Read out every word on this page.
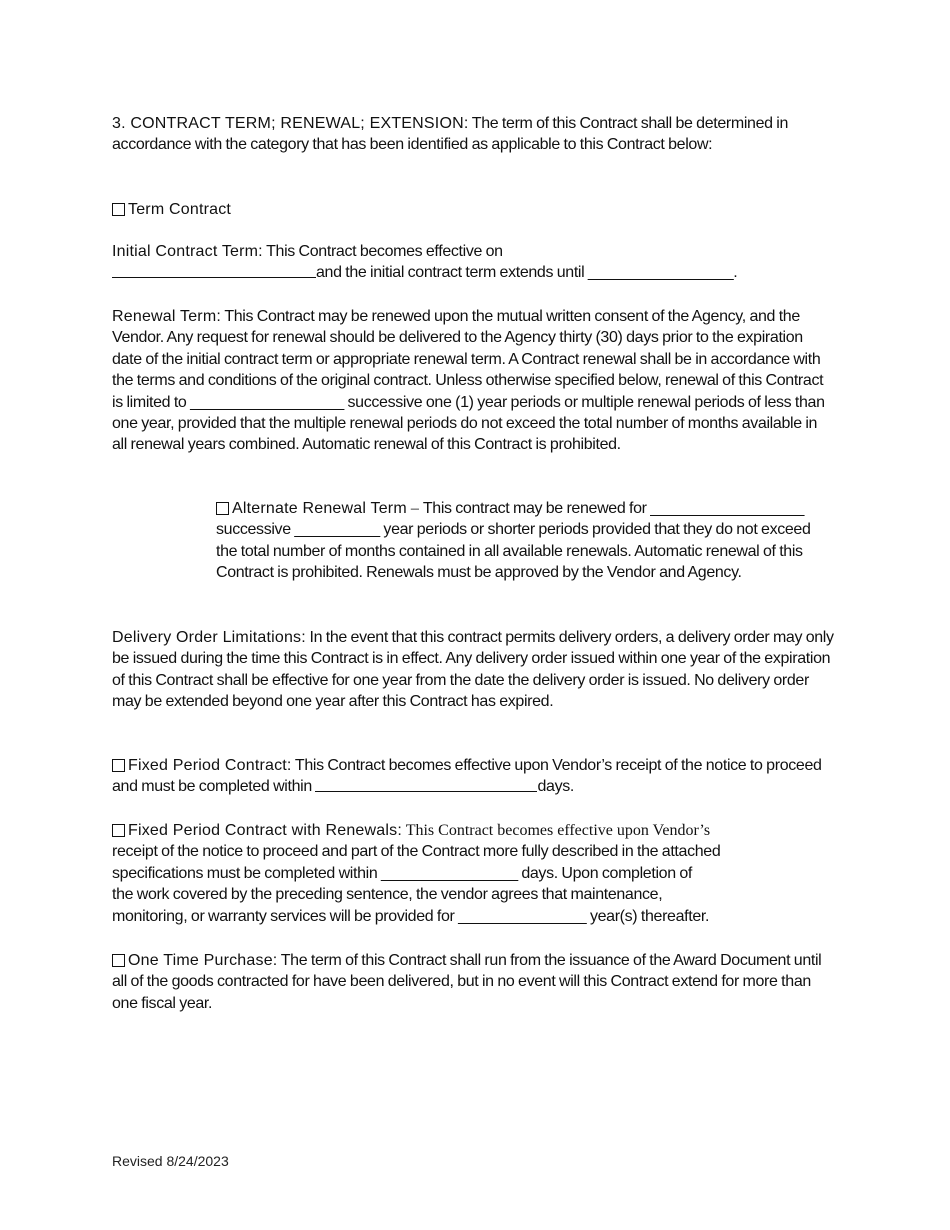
3. CONTRACT TERM; RENEWAL; EXTENSION: The term of this Contract shall be determined in accordance with the category that has been identified as applicable to this Contract below:
Term Contract
Initial Contract Term: This Contract becomes effective on
and the initial contract term extends until _________________.
Renewal Term: This Contract may be renewed upon the mutual written consent of the Agency, and the Vendor. Any request for renewal should be delivered to the Agency thirty (30) days prior to the expiration date of the initial contract term or appropriate renewal term. A Contract renewal shall be in accordance with the terms and conditions of the original contract. Unless otherwise specified below, renewal of this Contract is limited to __________________ successive one (1) year periods or multiple renewal periods of less than one year, provided that the multiple renewal periods do not exceed the total number of months available in all renewal years combined. Automatic renewal of this Contract is prohibited.
Alternate Renewal Term – This contract may be renewed for __________________ successive __________ year periods or shorter periods provided that they do not exceed the total number of months contained in all available renewals. Automatic renewal of this Contract is prohibited. Renewals must be approved by the Vendor and Agency.
Delivery Order Limitations: In the event that this contract permits delivery orders, a delivery order may only be issued during the time this Contract is in effect. Any delivery order issued within one year of the expiration of this Contract shall be effective for one year from the date the delivery order is issued. No delivery order may be extended beyond one year after this Contract has expired.
Fixed Period Contract: This Contract becomes effective upon Vendor’s receipt of the notice to proceed and must be completed within	days.
Fixed Period Contract with Renewals: This Contract becomes effective upon Vendor’s
receipt of the notice to proceed and part of the Contract more fully described in the attached
specifications must be completed within ________________ days. Upon completion of
the work covered by the preceding sentence, the vendor agrees that maintenance,
monitoring, or warranty services will be provided for _______________ year(s) thereafter.
One Time Purchase: The term of this Contract shall run from the issuance of the Award Document until all of the goods contracted for have been delivered, but in no event will this Contract extend for more than one fiscal year.
Revised 8/24/2023
